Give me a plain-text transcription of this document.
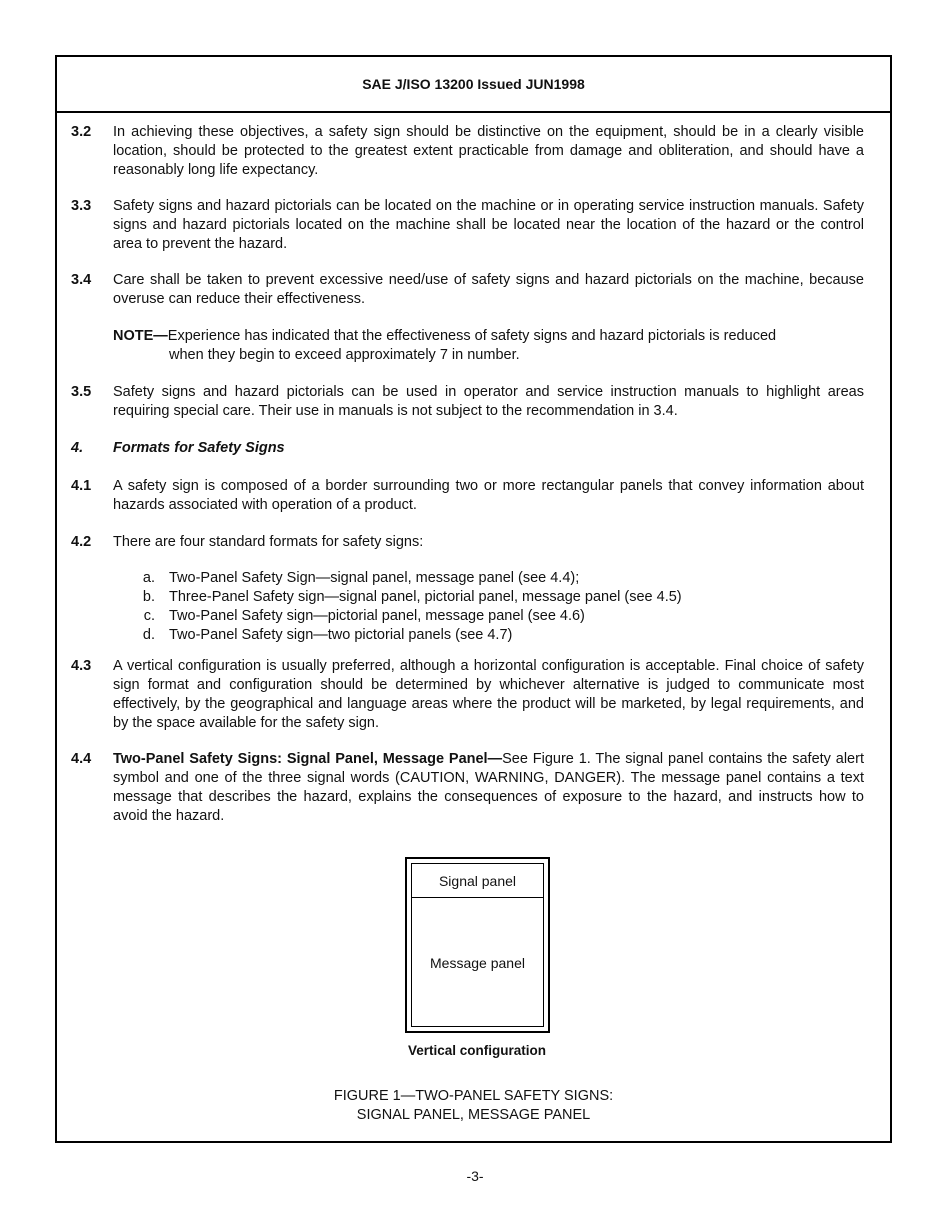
SAE J/ISO 13200 Issued JUN1998
3.2 In achieving these objectives, a safety sign should be distinctive on the equipment, should be in a clearly visible location, should be protected to the greatest extent practicable from damage and obliteration, and should have a reasonably long life expectancy.
3.3 Safety signs and hazard pictorials can be located on the machine or in operating service instruction manuals. Safety signs and hazard pictorials located on the machine shall be located near the location of the hazard or the control area to prevent the hazard.
3.4 Care shall be taken to prevent excessive need/use of safety signs and hazard pictorials on the machine, because overuse can reduce their effectiveness.
NOTE—Experience has indicated that the effectiveness of safety signs and hazard pictorials is reduced
when they begin to exceed approximately 7 in number.
3.5 Safety signs and hazard pictorials can be used in operator and service instruction manuals to highlight areas requiring special care. Their use in manuals is not subject to the recommendation in 3.4.
4. Formats for Safety Signs
4.1 A safety sign is composed of a border surrounding two or more rectangular panels that convey information about hazards associated with operation of a product.
4.2 There are four standard formats for safety signs:
a. Two-Panel Safety Sign—signal panel, message panel (see 4.4);
b. Three-Panel Safety sign—signal panel, pictorial panel, message panel (see 4.5)
c. Two-Panel Safety sign—pictorial panel, message panel (see 4.6)
d. Two-Panel Safety sign—two pictorial panels (see 4.7)
4.3 A vertical configuration is usually preferred, although a horizontal configuration is acceptable. Final choice of safety sign format and configuration should be determined by whichever alternative is judged to communicate most effectively, by the geographical and language areas where the product will be marketed, by legal requirements, and by the space available for the safety sign.
4.4 Two-Panel Safety Signs: Signal Panel, Message Panel—See Figure 1. The signal panel contains the safety alert symbol and one of the three signal words (CAUTION, WARNING, DANGER). The message panel contains a text message that describes the hazard, explains the consequences of exposure to the hazard, and instructs how to avoid the hazard.
Signal panel
Message panel
Vertical configuration
FIGURE 1—TWO-PANEL SAFETY SIGNS:
SIGNAL PANEL, MESSAGE PANEL
-3-
